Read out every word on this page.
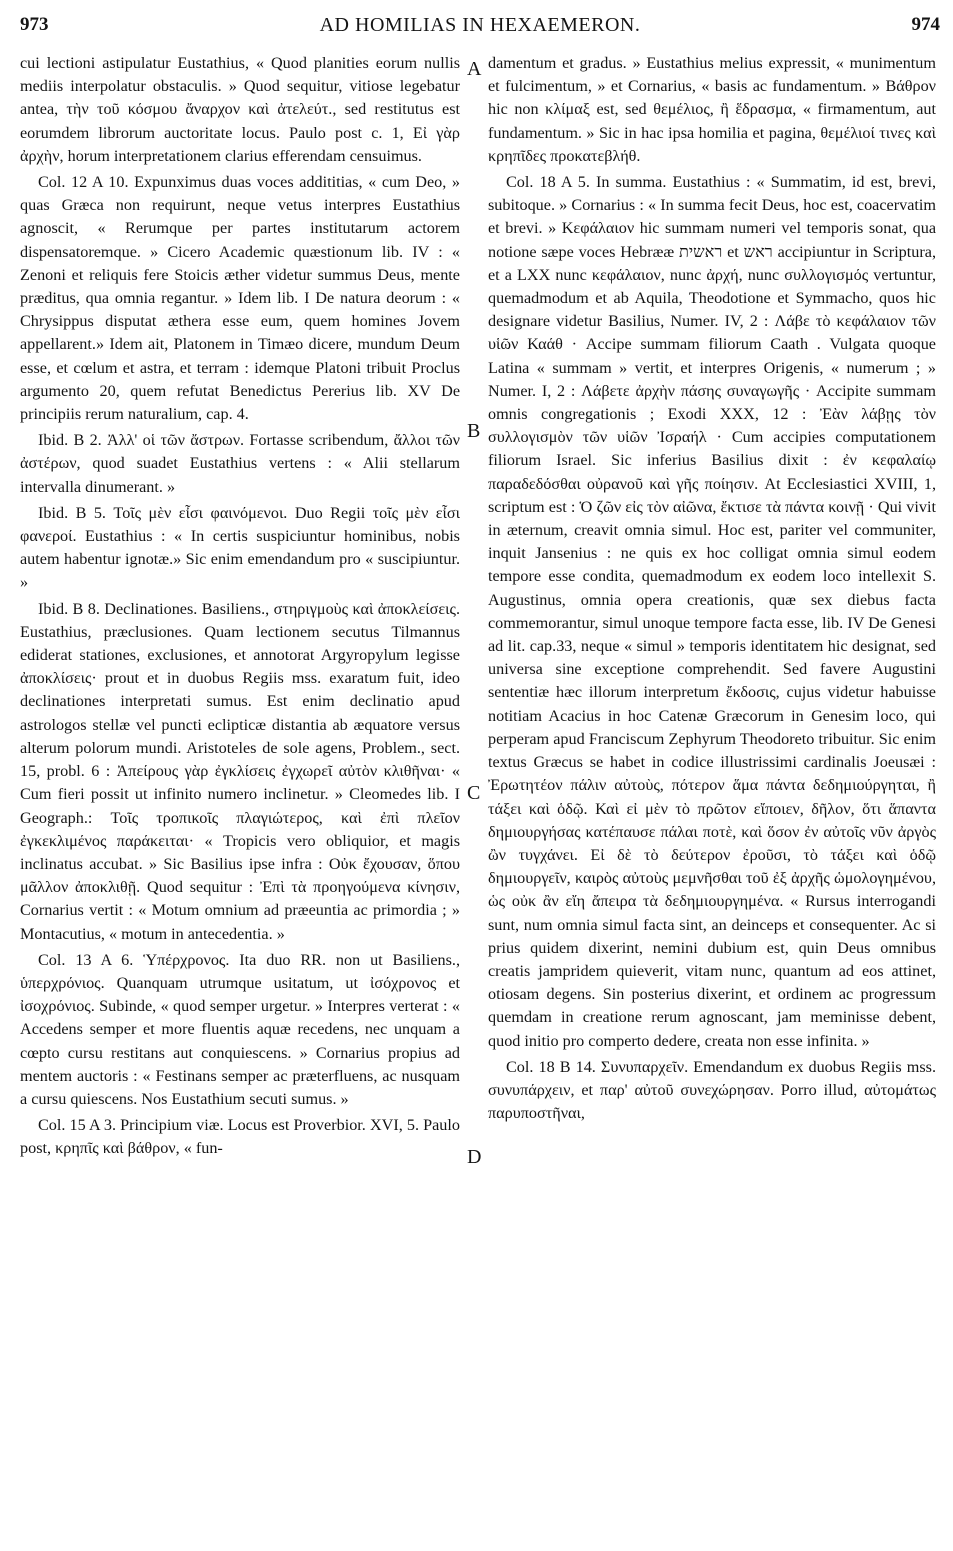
973	AD HOMILIAS IN HEXAEMERON.	974
A
B
C
D

cui lectioni astipulatur Eustathius, « Quod planities eorum nullis mediis interpolatur obstaculis. » Quod sequitur, vitiose legebatur antea, τὴν τοῦ κόσμου ἄναρχον καὶ ἀτελεύτ., sed restitutus est eorumdem librorum auctoritate locus. Paulo post c. 1, Εἰ γὰρ ἀρχὴν, horum interpretationem clarius efferendam censuimus.

Col. 12 A 10. Expunximus duas voces addititias, « cum Deo, » quas Græca non requirunt, neque vetus interpres Eustathius agnoscit, « Rerumque per partes institutarum actorem dispensatoremque. » Cicero Academic quæstionum lib. IV : « Zenoni et reliquis fere Stoicis æther videtur summus Deus, mente præditus, qua omnia regantur. » Idem lib. I De natura deorum : « Chrysippus disputat æthera esse eum, quem homines Jovem appellarent.» Idem ait, Platonem in Timæo dicere, mundum Deum esse, et cœlum et astra, et terram : idemque Platoni tribuit Proclus argumento 20, quem refutat Benedictus Pererius lib. XV De principiis rerum naturalium, cap. 4.

Ibid. B 2. Ἀλλ' οἱ τῶν ἄστρων. Fortasse scribendum, ἄλλοι τῶν ἀστέρων, quod suadet Eustathius vertens : « Alii stellarum intervalla dinumerant. »

Ibid. B 5. Τοῖς μὲν εἶσι φαινόμενοι. Duo Regii τοῖς μὲν εἶσι φανεροί. Eustathius : « In certis suspiciuntur hominibus, nobis autem habentur ignotæ.» Sic enim emendandum pro « suscipiuntur. »

Ibid. B 8. Declinationes. Basiliens., στηριγμοὺς καὶ ἀποκλείσεις. Eustathius, præclusiones. Quam lectionem secutus Tilmannus ediderat stationes, exclusiones, et annotorat Argyropylum legisse ἀποκλίσεις· prout et in duobus Regiis mss. exaratum fuit, ideo declinationes interpretati sumus. Est enim declinatio apud astrologos stellæ vel puncti eclipticæ distantia ab æquatore versus alterum polorum mundi. Aristoteles de sole agens, Problem., sect. 15, probl. 6 : Ἀπείρους γὰρ ἐγκλίσεις ἐγχωρεῖ αὐτὸν κλιθῆναι· « Cum fieri possit ut infinito numero inclinetur. » Cleomedes lib. I Geograph.: Τοῖς τροπικοῖς πλαγιώτερος, καὶ ἐπὶ πλεῖον ἐγκεκλιμένος παράκειται· « Tropicis vero obliquior, et magis inclinatus accubat. » Sic Basilius ipse infra : Οὐκ ἔχουσαν, ὅπου μᾶλλον ἀποκλιθῇ. Quod sequitur : Ἐπὶ τὰ προηγούμενα κίνησιν, Cornarius vertit : « Motum omnium ad præeuntia ac primordia ; » Montacutius, « motum in antecedentia. »

Col. 13 A 6. Ὑπέρχρονος. Ita duo RR. non ut Basiliens., ὑπερχρόνιος. Quanquam utrumque usitatum, ut ἰσόχρονος et ἰσοχρόνιος. Subinde, « quod semper urgetur. » Interpres verterat : « Accedens semper et more fluentis aquæ recedens, nec unquam a cœpto cursu restitans aut conquiescens. » Cornarius propius ad mentem auctoris : « Festinans semper ac præterfluens, ac nusquam a cursu quiescens. Nos Eustathium secuti sumus. »

Col. 15 A 3. Principium viæ. Locus est Proverbior. XVI, 5. Paulo post, κρηπῖς καὶ βάθρον, « fun-

damentum et gradus. » Eustathius melius expressit, « munimentum et fulcimentum, » et Cornarius, « basis ac fundamentum. » Βάθρον hic non κλίμαξ est, sed θεμέλιος, ἢ ἕδρασμα, « firmamentum, aut fundamentum. » Sic in hac ipsa homilia et pagina, θεμέλιοί τινες καὶ κρηπῖδες προκατεβλήθ.

Col. 18 A 5. In summa. Eustathius : « Summatim, id est, brevi, subitoque. » Cornarius : « In summa fecit Deus, hoc est, coacervatim et brevi. » Κεφάλαιον hic summam numeri vel temporis sonat, qua notione sæpe voces Hebrææ ראשית et ראש accipiuntur in Scriptura, et a LXX nunc κεφάλαιον, nunc ἀρχή, nunc συλλογισμός vertuntur, quemadmodum et ab Aquila, Theodotione et Symmacho, quos hic designare videtur Basilius, Numer. IV, 2 : Λάβε τὸ κεφάλαιον τῶν υἱῶν Καάθ · Accipe summam filiorum Caath . Vulgata quoque Latina « summam » vertit, et interpres Origenis, « numerum ; » Numer. I, 2 : Λάβετε ἀρχὴν πάσης συναγωγῆς · Accipite summam omnis congregationis ; Exodi XXX, 12 : Ἐὰν λάβῃς τὸν συλλογισμὸν τῶν υἱῶν Ἰσραήλ · Cum accipies computationem filiorum Israel. Sic inferius Basilius dixit : ἐν κεφαλαίῳ παραδεδόσθαι οὐρανοῦ καὶ γῆς ποίησιν. At Ecclesiastici XVIII, 1, scriptum est : Ὁ ζῶν εἰς τὸν αἰῶνα, ἔκτισε τὰ πάντα κοινῇ · Qui vivit in æternum, creavit omnia simul. Hoc est, pariter vel communiter, inquit Jansenius : ne quis ex hoc colligat omnia simul eodem tempore esse condita, quemadmodum ex eodem loco intellexit S. Augustinus, omnia opera creationis, quæ sex diebus facta commemorantur, simul unoque tempore facta esse, lib. IV De Genesi ad lit. cap.33, neque « simul » temporis identitatem hic designat, sed universa sine exceptione comprehendit. Sed favere Augustini sententiæ hæc illorum interpretum ἔκδοσις, cujus videtur habuisse notitiam Acacius in hoc Catenæ Græcorum in Genesim loco, qui perperam apud Franciscum Zephyrum Theodoreto tribuitur. Sic enim textus Græcus se habet in codice illustrissimi cardinalis Joeusæi : Ἐρωτητέον πάλιν αὐτοὺς, πότερον ἅμα πάντα δεδημιούργηται, ἢ τάξει καὶ ὁδῷ. Καὶ εἰ μὲν τὸ πρῶτον εἴποιεν, δῆλον, ὅτι ἅπαντα δημιουργήσας κατέπαυσε πάλαι ποτὲ, καὶ ὅσον ἐν αὐτοῖς νῦν ἀργὸς ὢν τυγχάνει. Εἰ δὲ τὸ δεύτερον ἐροῦσι, τὸ τάξει καὶ ὁδῷ δημιουργεῖν, καιρὸς αὐτοὺς μεμνῆσθαι τοῦ ἐξ ἀρχῆς ὡμολογημένου, ὡς οὐκ ἂν εἴη ἄπειρα τὰ δεδημιουργημένα. « Rursus interrogandi sunt, num omnia simul facta sint, an deinceps et consequenter. Ac si prius quidem dixerint, nemini dubium est, quin Deus omnibus creatis jampridem quieverit, vitam nunc, quantum ad eos attinet, otiosam degens. Sin posterius dixerint, et ordinem ac progressum quemdam in creatione rerum agnoscant, jam meminisse debent, quod initio pro comperto dedere, creata non esse infinita. »

Col. 18 B 14. Συνυπαρχεῖν. Emendandum ex duobus Regiis mss. συνυπάρχειν, et παρ' αὐτοῦ συνεχώρησαν. Porro illud, αὐτομάτως παρυποστῆναι,
